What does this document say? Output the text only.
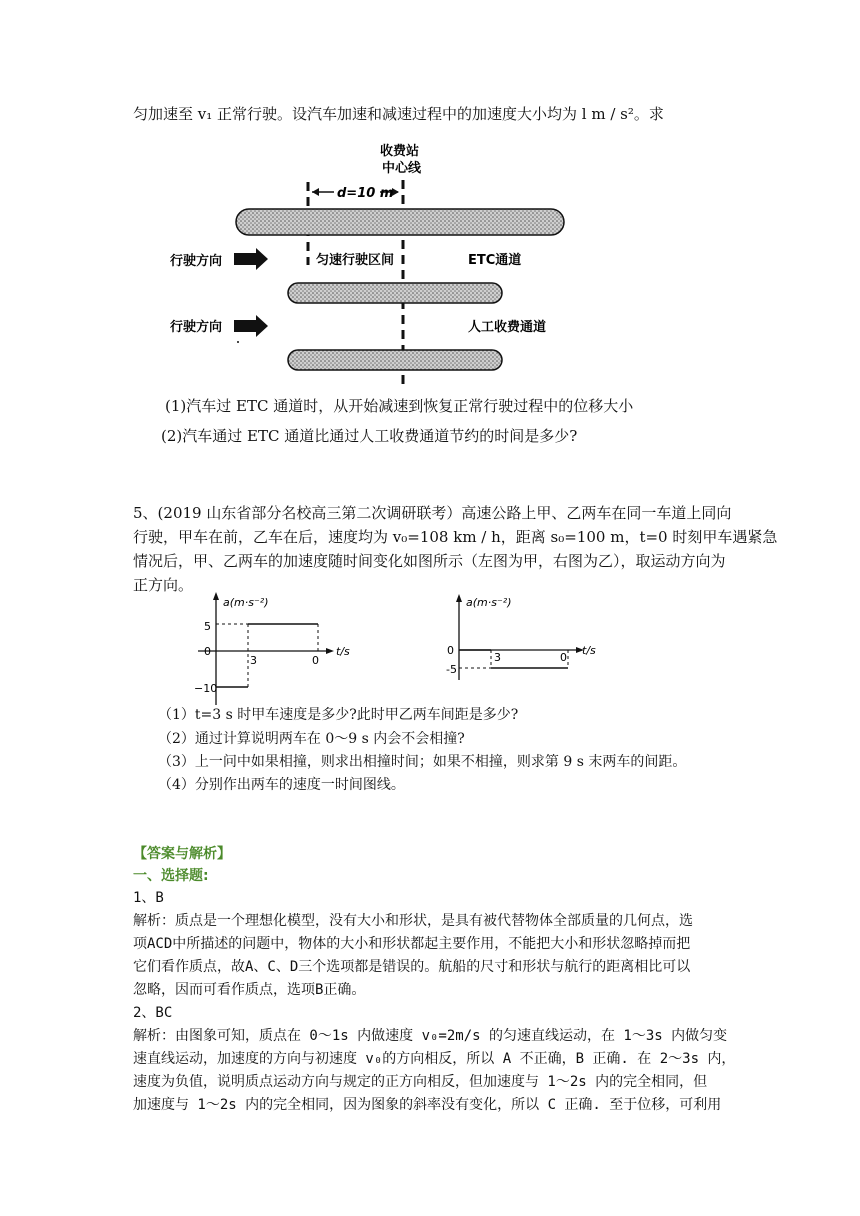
匀加速至 v₁ 正常行驶。设汽车加速和减速过程中的加速度大小均为 l m / s²。求
收费站
中心线
d=10 m
行驶方向	匀速行驶区间	ETC通道
行驶方向	人工收费通道
a(m·s⁻²)
t/s
5
0
−10
3	0
a(m·s⁻²)
t/s
0
-5
3	0
(1)汽车过 ETC 通道时，从开始减速到恢复正常行驶过程中的位移大小
(2)汽车通过 ETC 通道比通过人工收费通道节约的时间是多少?
5、(2019 山东省部分名校高三第二次调研联考）高速公路上甲、乙两车在同一车道上同向
行驶，甲车在前，乙车在后，速度均为 v₀=108 km / h，距离 s₀=100 m，t=0 时刻甲车遇紧急
情况后，甲、乙两车的加速度随时间变化如图所示（左图为甲，右图为乙），取运动方向为
正方向。
（1）t=3 s 时甲车速度是多少?此时甲乙两车间距是多少?
（2）通过计算说明两车在 0～9 s 内会不会相撞?
（3）上一问中如果相撞，则求出相撞时间；如果不相撞，则求第 9 s 末两车的间距。
（4）分别作出两车的速度一时间图线。
【答案与解析】
一、选择题:
1、B
解析：质点是一个理想化模型，没有大小和形状，是具有被代替物体全部质量的几何点，选
项ACD中所描述的问题中，物体的大小和形状都起主要作用，不能把大小和形状忽略掉而把
它们看作质点，故A、C、D三个选项都是错误的。航船的尺寸和形状与航行的距离相比可以
忽略，因而可看作质点，选项B正确。
2、BC
解析：由图象可知，质点在 0～1s 内做速度 v₀=2m/s 的匀速直线运动，在 1～3s 内做匀变
速直线运动，加速度的方向与初速度 v₀的方向相反，所以 A 不正确，B 正确. 在 2～3s 内，
速度为负值，说明质点运动方向与规定的正方向相反，但加速度与 1～2s 内的完全相同，但
加速度与 1～2s 内的完全相同，因为图象的斜率没有变化，所以 C 正确. 至于位移，可利用
